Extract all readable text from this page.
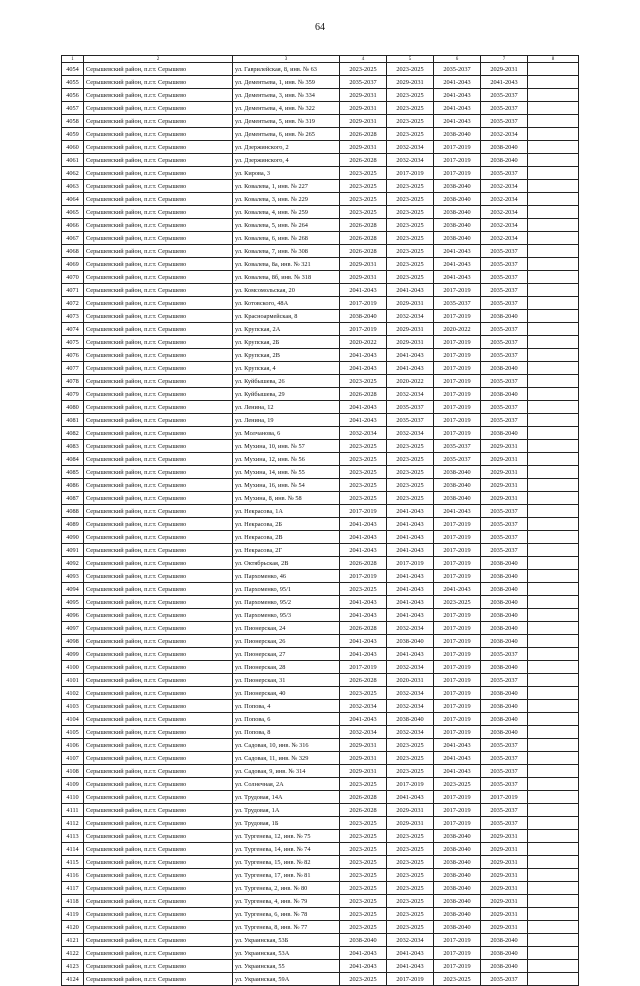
64
1	2	3	4	5	6	7	8
4054	Серышевский район, п.г.т. Серышево	ул. Гаврилейская, 8, инв. № 63	2023-2025	2023-2025	2035-2037	2029-2031	
4055	Серышевский район, п.г.т. Серышево	ул. Дементьева, 1, инв. № 359	2035-2037	2029-2031	2041-2043	2041-2043	
4056	Серышевский район, п.г.т. Серышево	ул. Дементьева, 3, инв. № 334	2029-2031	2023-2025	2041-2043	2035-2037	
4057	Серышевский район, п.г.т. Серышево	ул. Дементьева, 4, инв. № 322	2029-2031	2023-2025	2041-2043	2035-2037	
4058	Серышевский район, п.г.т. Серышево	ул. Дементьева, 5, инв. № 319	2029-2031	2023-2025	2041-2043	2035-2037	
4059	Серышевский район, п.г.т. Серышево	ул. Дементьева, 6, инв. № 265	2026-2028	2023-2025	2038-2040	2032-2034	
4060	Серышевский район, п.г.т. Серышево	ул. Дзержинского, 2	2029-2031	2032-2034	2017-2019	2038-2040	
4061	Серышевский район, п.г.т. Серышево	ул. Дзержинского, 4	2026-2028	2032-2034	2017-2019	2038-2040	
4062	Серышевский район, п.г.т. Серышево	ул. Кирова, 3	2023-2025	2017-2019	2017-2019	2035-2037	
4063	Серышевский район, п.г.т. Серышево	ул. Ковалева, 1, инв. № 227	2023-2025	2023-2025	2038-2040	2032-2034	
4064	Серышевский район, п.г.т. Серышево	ул. Ковалева, 3, инв. № 229	2023-2025	2023-2025	2038-2040	2032-2034	
4065	Серышевский район, п.г.т. Серышево	ул. Ковалева, 4, инв. № 259	2023-2025	2023-2025	2038-2040	2032-2034	
4066	Серышевский район, п.г.т. Серышево	ул. Ковалева, 5, инв. № 264	2026-2028	2023-2025	2038-2040	2032-2034	
4067	Серышевский район, п.г.т. Серышево	ул. Ковалева, 6, инв. № 268	2026-2028	2023-2025	2038-2040	2032-2034	
4068	Серышевский район, п.г.т. Серышево	ул. Ковалева, 7, инв. № 308	2026-2028	2023-2025	2041-2043	2035-2037	
4069	Серышевский район, п.г.т. Серышево	ул. Ковалева, 8а, инв. № 321	2029-2031	2023-2025	2041-2043	2035-2037	
4070	Серышевский район, п.г.т. Серышево	ул. Ковалева, 8б, инв. № 318	2029-2031	2023-2025	2041-2043	2035-2037	
4071	Серышевский район, п.г.т. Серышево	ул. Комсомольская, 20	2041-2043	2041-2043	2017-2019	2035-2037	
4072	Серышевский район, п.г.т. Серышево	ул. Котовского, 48А	2017-2019	2029-2031	2035-2037	2035-2037	
4073	Серышевский район, п.г.т. Серышево	ул. Красноармейская, 8	2038-2040	2032-2034	2017-2019	2038-2040	
4074	Серышевский район, п.г.т. Серышево	ул. Крупская, 2А	2017-2019	2029-2031	2020-2022	2035-2037	
4075	Серышевский район, п.г.т. Серышево	ул. Крупская, 2Б	2020-2022	2029-2031	2017-2019	2035-2037	
4076	Серышевский район, п.г.т. Серышево	ул. Крупская, 2В	2041-2043	2041-2043	2017-2019	2035-2037	
4077	Серышевский район, п.г.т. Серышево	ул. Крупская, 4	2041-2043	2041-2043	2017-2019	2038-2040	
4078	Серышевский район, п.г.т. Серышево	ул. Куйбышева, 26	2023-2025	2020-2022	2017-2019	2035-2037	
4079	Серышевский район, п.г.т. Серышево	ул. Куйбышева, 29	2026-2028	2032-2034	2017-2019	2038-2040	
4080	Серышевский район, п.г.т. Серышево	ул. Ленина, 12	2041-2043	2035-2037	2017-2019	2035-2037	
4081	Серышевский район, п.г.т. Серышево	ул. Ленина, 19	2041-2043	2035-2037	2017-2019	2035-2037	
4082	Серышевский район, п.г.т. Серышево	ул. Молчанова, 6	2032-2034	2032-2034	2017-2019	2038-2040	
4083	Серышевский район, п.г.т. Серышево	ул. Мухина, 10, инв. № 57	2023-2025	2023-2025	2035-2037	2029-2031	
4084	Серышевский район, п.г.т. Серышево	ул. Мухина, 12, инв. № 56	2023-2025	2023-2025	2035-2037	2029-2031	
4085	Серышевский район, п.г.т. Серышево	ул. Мухина, 14, инв. № 55	2023-2025	2023-2025	2038-2040	2029-2031	
4086	Серышевский район, п.г.т. Серышево	ул. Мухина, 16, инв. № 54	2023-2025	2023-2025	2038-2040	2029-2031	
4087	Серышевский район, п.г.т. Серышево	ул. Мухина, 8, инв. № 58	2023-2025	2023-2025	2038-2040	2029-2031	
4088	Серышевский район, п.г.т. Серышево	ул. Некрасова, 1А	2017-2019	2041-2043	2041-2043	2035-2037	
4089	Серышевский район, п.г.т. Серышево	ул. Некрасова, 2Б	2041-2043	2041-2043	2017-2019	2035-2037	
4090	Серышевский район, п.г.т. Серышево	ул. Некрасова, 2В	2041-2043	2041-2043	2017-2019	2035-2037	
4091	Серышевский район, п.г.т. Серышево	ул. Некрасова, 2Г	2041-2043	2041-2043	2017-2019	2035-2037	
4092	Серышевский район, п.г.т. Серышево	ул. Октябрьская, 2В	2026-2028	2017-2019	2017-2019	2038-2040	
4093	Серышевский район, п.г.т. Серышево	ул. Пархоменко, 46	2017-2019	2041-2043	2017-2019	2038-2040	
4094	Серышевский район, п.г.т. Серышево	ул. Пархоменко, 95/1	2023-2025	2041-2043	2041-2043	2038-2040	
4095	Серышевский район, п.г.т. Серышево	ул. Пархоменко, 95/2	2041-2043	2041-2043	2023-2025	2038-2040	
4096	Серышевский район, п.г.т. Серышево	ул. Пархоменко, 95/3	2041-2043	2041-2043	2017-2019	2038-2040	
4097	Серышевский район, п.г.т. Серышево	ул. Пионерская, 24	2026-2028	2032-2034	2017-2019	2038-2040	
4098	Серышевский район, п.г.т. Серышево	ул. Пионерская, 26	2041-2043	2038-2040	2017-2019	2038-2040	
4099	Серышевский район, п.г.т. Серышево	ул. Пионерская, 27	2041-2043	2041-2043	2017-2019	2035-2037	
4100	Серышевский район, п.г.т. Серышево	ул. Пионерская, 28	2017-2019	2032-2034	2017-2019	2038-2040	
4101	Серышевский район, п.г.т. Серышево	ул. Пионерская, 31	2026-2028	2020-2031	2017-2019	2035-2037	
4102	Серышевский район, п.г.т. Серышево	ул. Пионерская, 40	2023-2025	2032-2034	2017-2019	2038-2040	
4103	Серышевский район, п.г.т. Серышево	ул. Попова, 4	2032-2034	2032-2034	2017-2019	2038-2040	
4104	Серышевский район, п.г.т. Серышево	ул. Попова, 6	2041-2043	2038-2040	2017-2019	2038-2040	
4105	Серышевский район, п.г.т. Серышево	ул. Попова, 8	2032-2034	2032-2034	2017-2019	2038-2040	
4106	Серышевский район, п.г.т. Серышево	ул. Садовая, 10, инв. № 316	2029-2031	2023-2025	2041-2043	2035-2037	
4107	Серышевский район, п.г.т. Серышево	ул. Садовая, 11, инв. № 329	2029-2031	2023-2025	2041-2043	2035-2037	
4108	Серышевский район, п.г.т. Серышево	ул. Садовая, 9, инв. № 314	2029-2031	2023-2025	2041-2043	2035-2037	
4109	Серышевский район, п.г.т. Серышево	ул. Солнечная, 2А	2023-2025	2017-2019	2023-2025	2035-2037	
4110	Серышевский район, п.г.т. Серышево	ул. Трудовая, 14А	2026-2028	2041-2043	2017-2019	2017-2019	
4111	Серышевский район, п.г.т. Серышево	ул. Трудовая, 1А	2026-2028	2029-2031	2017-2019	2035-2037	
4112	Серышевский район, п.г.т. Серышево	ул. Трудовая, 1Б	2023-2025	2029-2031	2017-2019	2035-2037	
4113	Серышевский район, п.г.т. Серышево	ул. Тургенева, 12, инв. № 75	2023-2025	2023-2025	2038-2040	2029-2031	
4114	Серышевский район, п.г.т. Серышево	ул. Тургенева, 14, инв. № 74	2023-2025	2023-2025	2038-2040	2029-2031	
4115	Серышевский район, п.г.т. Серышево	ул. Тургенева, 15, инв. № 82	2023-2025	2023-2025	2038-2040	2029-2031	
4116	Серышевский район, п.г.т. Серышево	ул. Тургенева, 17, инв. № 81	2023-2025	2023-2025	2038-2040	2029-2031	
4117	Серышевский район, п.г.т. Серышево	ул. Тургенева, 2, инв. № 80	2023-2025	2023-2025	2038-2040	2029-2031	
4118	Серышевский район, п.г.т. Серышево	ул. Тургенева, 4, инв. № 79	2023-2025	2023-2025	2038-2040	2029-2031	
4119	Серышевский район, п.г.т. Серышево	ул. Тургенева, 6, инв. № 78	2023-2025	2023-2025	2038-2040	2029-2031	
4120	Серышевский район, п.г.т. Серышево	ул. Тургенева, 8, инв. № 77	2023-2025	2023-2025	2038-2040	2029-2031	
4121	Серышевский район, п.г.т. Серышево	ул. Украинская, 53Б	2038-2040	2032-2034	2017-2019	2038-2040	
4122	Серышевский район, п.г.т. Серышево	ул. Украинская, 53А	2041-2043	2041-2043	2017-2019	2038-2040	
4123	Серышевский район, п.г.т. Серышево	ул. Украинская, 55	2041-2043	2041-2043	2017-2019	2038-2040	
4124	Серышевский район, п.г.т. Серышево	ул. Украинская, 59А	2023-2025	2017-2019	2023-2025	2035-2037	
